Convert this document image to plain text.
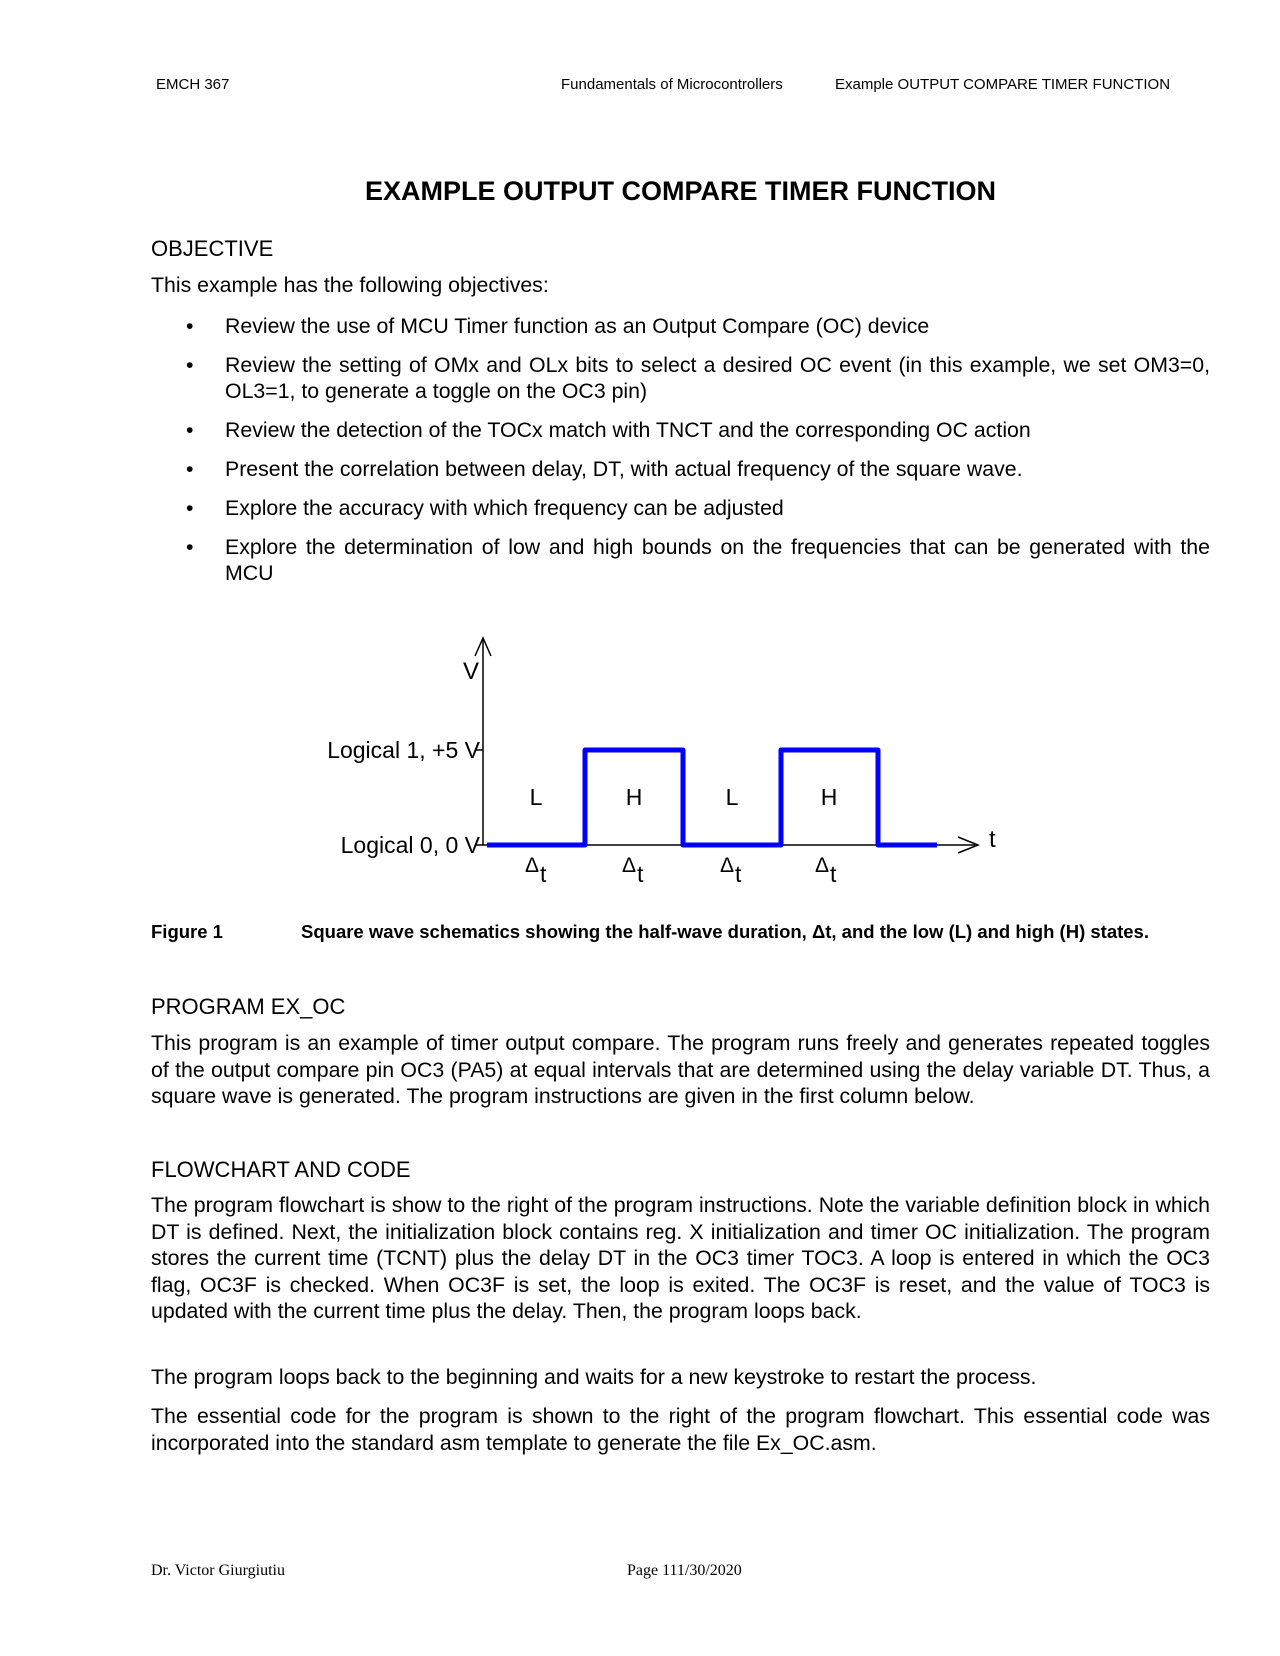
EMCH 367	Fundamentals of Microcontrollers	Example OUTPUT COMPARE TIMER FUNCTION
EXAMPLE OUTPUT COMPARE TIMER FUNCTION
OBJECTIVE
This example has the following objectives:
• Review the use of MCU Timer function as an Output Compare (OC) device
• Review the setting of OMx and OLx bits to select a desired OC event (in this example, we set OM3=0, OL3=1, to generate a toggle on the OC3 pin)
• Review the detection of the TOCx match with TNCT and the corresponding OC action
• Present the correlation between delay, DT, with actual frequency of the square wave.
• Explore the accuracy with which frequency can be adjusted
• Explore the determination of low and high bounds on the frequencies that can be generated with the MCU
V
t
Logical 1, +5 V
Logical 0, 0 V
L	H	L	H
Δ t	Δ t	Δ t	Δ t
Figure 1	Square wave schematics showing the half-wave duration, Δt, and the low (L) and high (H) states.
PROGRAM EX_OC
This program is an example of timer output compare. The program runs freely and generates repeated toggles of the output compare pin OC3 (PA5) at equal intervals that are determined using the delay variable DT. Thus, a square wave is generated. The program instructions are given in the first column below.
FLOWCHART AND CODE
The program flowchart is show to the right of the program instructions. Note the variable definition block in which DT is defined. Next, the initialization block contains reg. X initialization and timer OC initialization. The program stores the current time (TCNT) plus the delay DT in the OC3 timer TOC3. A loop is entered in which the OC3 flag, OC3F is checked. When OC3F is set, the loop is exited. The OC3F is reset, and the value of TOC3 is updated with the current time plus the delay. Then, the program loops back.
The program loops back to the beginning and waits for a new keystroke to restart the process.
The essential code for the program is shown to the right of the program flowchart. This essential code was incorporated into the standard asm template to generate the file Ex_OC.asm.
Dr. Victor Giurgiutiu	Page 111/30/2020
